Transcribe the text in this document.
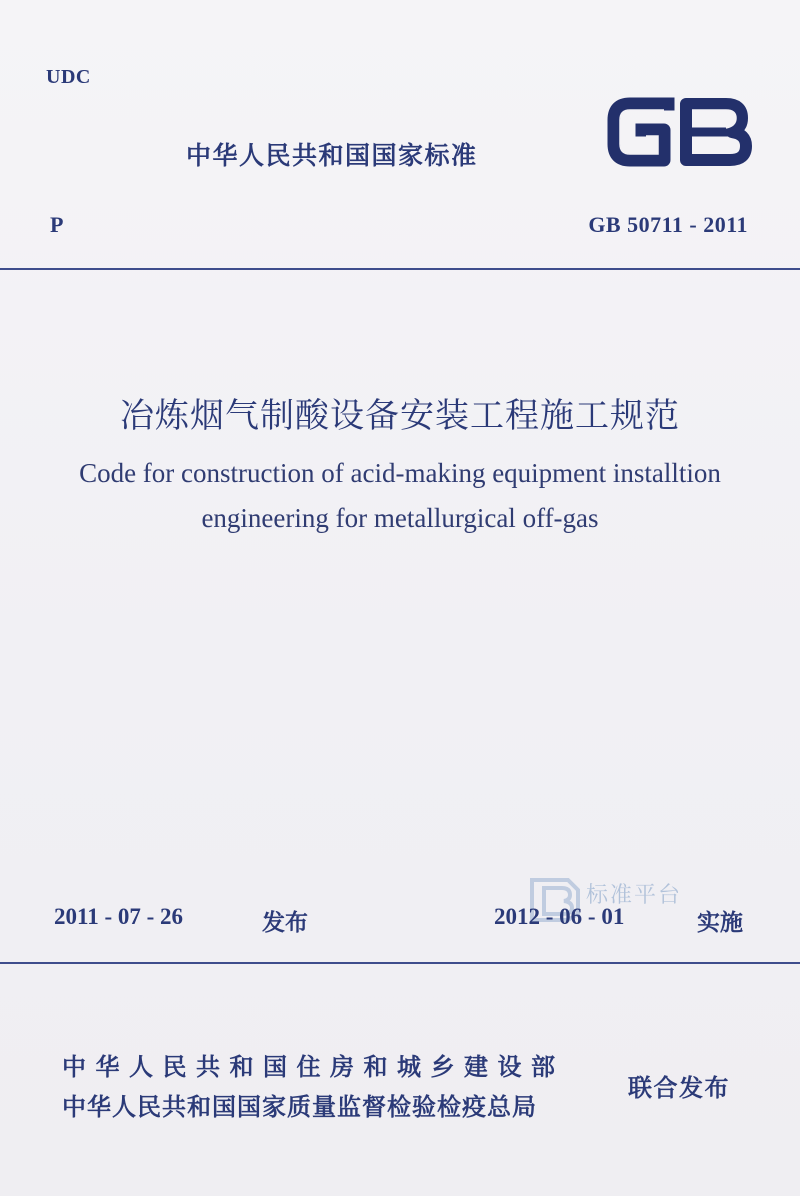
UDC
中华人民共和国国家标准
P	GB 50711 - 2011
冶炼烟气制酸设备安装工程施工规范
Code for construction of acid-making equipment installtion
engineering for metallurgical off-gas
标准平台
2011 - 07 - 26	发布	2012 - 06 - 01	实施
中华人民共和国住房和城乡建设部
中华人民共和国国家质量监督检验检疫总局
联合发布
